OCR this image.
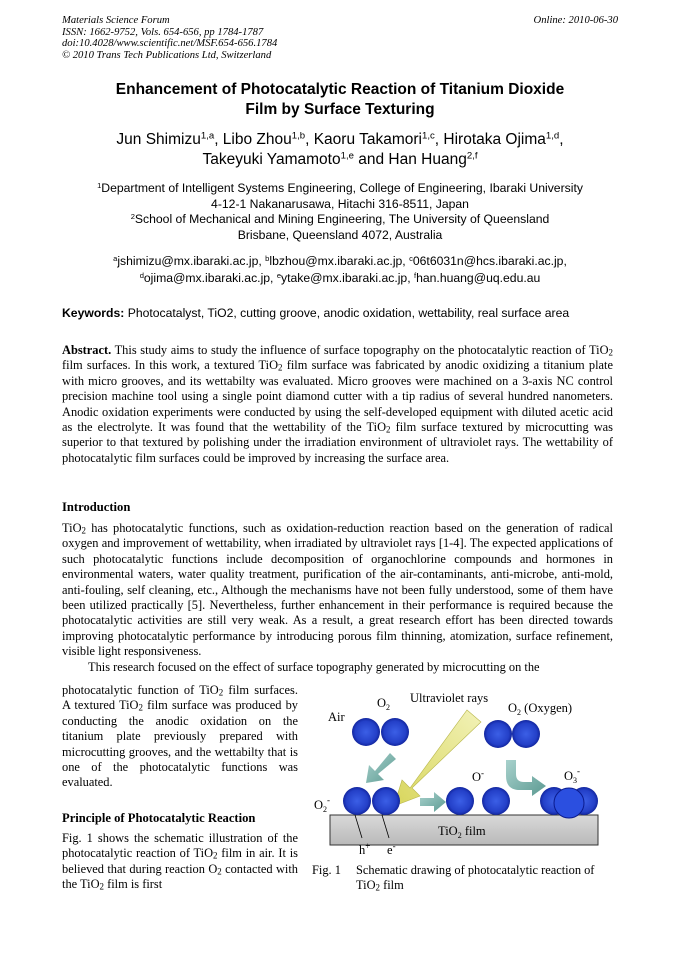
Materials Science Forum
ISSN: 1662-9752, Vols. 654-656, pp 1784-1787
doi:10.4028/www.scientific.net/MSF.654-656.1784
© 2010 Trans Tech Publications Ltd, Switzerland
Online: 2010-06-30
Enhancement of Photocatalytic Reaction of Titanium Dioxide
Film by Surface Texturing
Jun Shimizu$^{1,a}$, Libo Zhou$^{1,b}$, Kaoru Takamori$^{1,c}$, Hirotaka Ojima$^{1,d}$,
Takeyuki Yamamoto$^{1,e}$ and Han Huang$^{2,f}$
$^1$Department of Intelligent Systems Engineering, College of Engineering, Ibaraki University
4-12-1 Nakanarusawa, Hitachi 316-8511, Japan
$^2$School of Mechanical and Mining Engineering, The University of Queensland
Brisbane, Queensland 4072, Australia
$^a$jshimizu@mx.ibaraki.ac.jp, $^b$lbzhou@mx.ibaraki.ac.jp, $^c$06t6031n@hcs.ibaraki.ac.jp,
$^d$ojima@mx.ibaraki.ac.jp, $^e$ytake@mx.ibaraki.ac.jp, $^f$han.huang@uq.edu.au
Keywords: Photocatalyst, TiO2, cutting groove, anodic oxidation, wettability, real surface area
Abstract. This study aims to study the influence of surface topography on the photocatalytic reaction of TiO$_2$ film surfaces. In this work, a textured TiO$_2$ film surface was fabricated by anodic oxidizing a titanium plate with micro grooves, and its wettabilty was evaluated. Micro grooves were machined on a 3-axis NC control precision machine tool using a single point diamond cutter with a tip radius of several hundred nanometers. Anodic oxidation experiments were conducted by using the self-developed equipment with diluted acetic acid as the electrolyte. It was found that the wettability of the TiO$_2$ film surface textured by microcutting was superior to that textured by polishing under the irradiation environment of ultraviolet rays. The wettability of photocatalytic film surfaces could be improved by increasing the surface area.
Introduction
TiO$_2$ has photocatalytic functions, such as oxidation-reduction reaction based on the generation of radical oxygen and improvement of wettability, when irradiated by ultraviolet rays [1-4]. The expected applications of such photocatalytic functions include decomposition of organochlorine compounds and hormones in environmental waters, water quality treatment, purification of the air-contaminants, anti-microbe, anti-mold, anti-fouling, self cleaning, etc., Although the mechanisms have not been fully understood, some of them have been utilized practically [5]. Nevertheless, further enhancement in their performance is required because the photocatalytic activities are still very weak. As a result, a great research effort has been directed towards improving photocatalytic performance by introducing porous film thinning, atomization, surface refinement, visible light responsiveness.
This research focused on the effect of surface topography generated by microcutting on the
photocatalytic function of TiO$_2$ film surfaces. A textured TiO$_2$ film surface was produced by conducting the anodic oxidation on the titanium plate previously prepared with microcutting grooves, and the wettabilty that is one of the photocatalytic functions was evaluated.
Principle of Photocatalytic Reaction
Fig. 1 shows the schematic illustration of the photocatalytic reaction of TiO$_2$ film in air. It is believed that during reaction $O_2$ contacted with the TiO$_2$ film is first
Ultraviolet rays
Air
$O_2$	$O_2$ (Oxygen)
O-	$O_3^-$
$O_2^-$
TiO$_2$ film
h+ e-
Fig. 1 Schematic drawing of photocatalytic reaction of TiO$_2$ film
